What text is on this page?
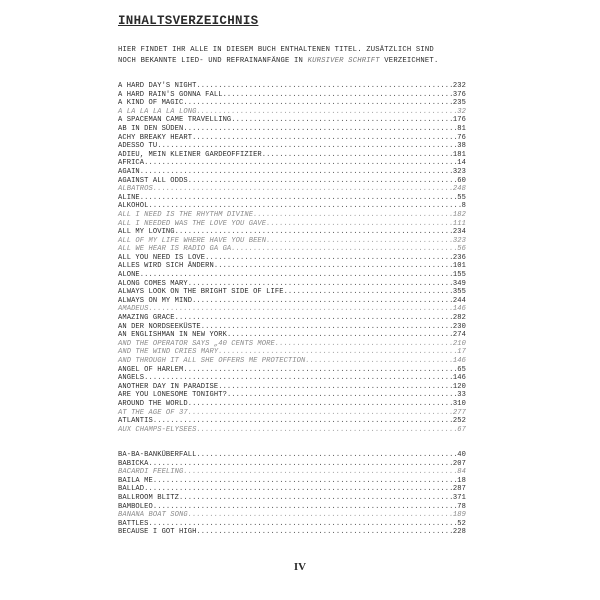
INHALTSVERZEICHNIS
HIER FINDET IHR ALLE IN DIESEM BUCH ENTHALTENEN TITEL. ZUSÄTZLICH SIND
NOCH BEKANNTE LIED- UND REFRAINANFÄNGE IN KURSIVER SCHRIFT VERZEICHNET.
A HARD DAY'S NIGHT .....	232
A HARD RAIN'S GONNA FALL .....	376
A KIND OF MAGIC .....	235
A LA LA LA LA LONG .....	32
A SPACEMAN CAME TRAVELLING .....	176
AB IN DEN SÜDEN .....	81
ACHY BREAKY HEART .....	76
ADESSO TU .....	38
ADIEU, MEIN KLEINER GARDEOFFIZIER .....	181
AFRICA .....	14
AGAIN .....	323
AGAINST ALL ODDS .....	60
ALBATROS .....	248
ALINE .....	55
ALKOHOL .....	8
ALL I NEED IS THE RHYTHM DIVINE .....	182
ALL I NEEDED WAS THE LOVE YOU GAVE .....	111
ALL MY LOVING .....	234
ALL OF MY LIFE WHERE HAVE YOU BEEN .....	323
ALL WE HEAR IS RADIO GA GA .....	56
ALL YOU NEED IS LOVE .....	236
ALLES WIRD SICH ÄNDERN .....	101
ALONE .....	155
ALONG COMES MARY .....	349
ALWAYS LOOK ON THE BRIGHT SIDE OF LIFE .....	355
ALWAYS ON MY MIND .....	244
AMADEUS .....	146
AMAZING GRACE .....	282
AN DER NORDSEEKÜSTE .....	230
AN ENGLISHMAN IN NEW YORK .....	274
AND THE OPERATOR SAYS „40 CENTS MORE .....	210
AND THE WIND CRIES MARY .....	17
AND THROUGH IT ALL SHE OFFERS ME PROTECTION .....	146
ANGEL OF HARLEM .....	65
ANGELS .....	146
ANOTHER DAY IN PARADISE .....	120
ARE YOU LONESOME TONIGHT? .....	33
AROUND THE WORLD .....	310
AT THE AGE OF 37 .....	277
ATLANTIS .....	252
AUX CHAMPS-ELYSEES .....	67
BA-BA-BANKÜBERFALL .....	40
BABICKA .....	207
BACARDI FEELING .....	84
BAILA ME .....	18
BALLAD .....	287
BALLROOM BLITZ .....	371
BAMBOLEO .....	78
BANANA BOAT SONG .....	189
BATTLES .....	52
BECAUSE I GOT HIGH .....	228
IV
